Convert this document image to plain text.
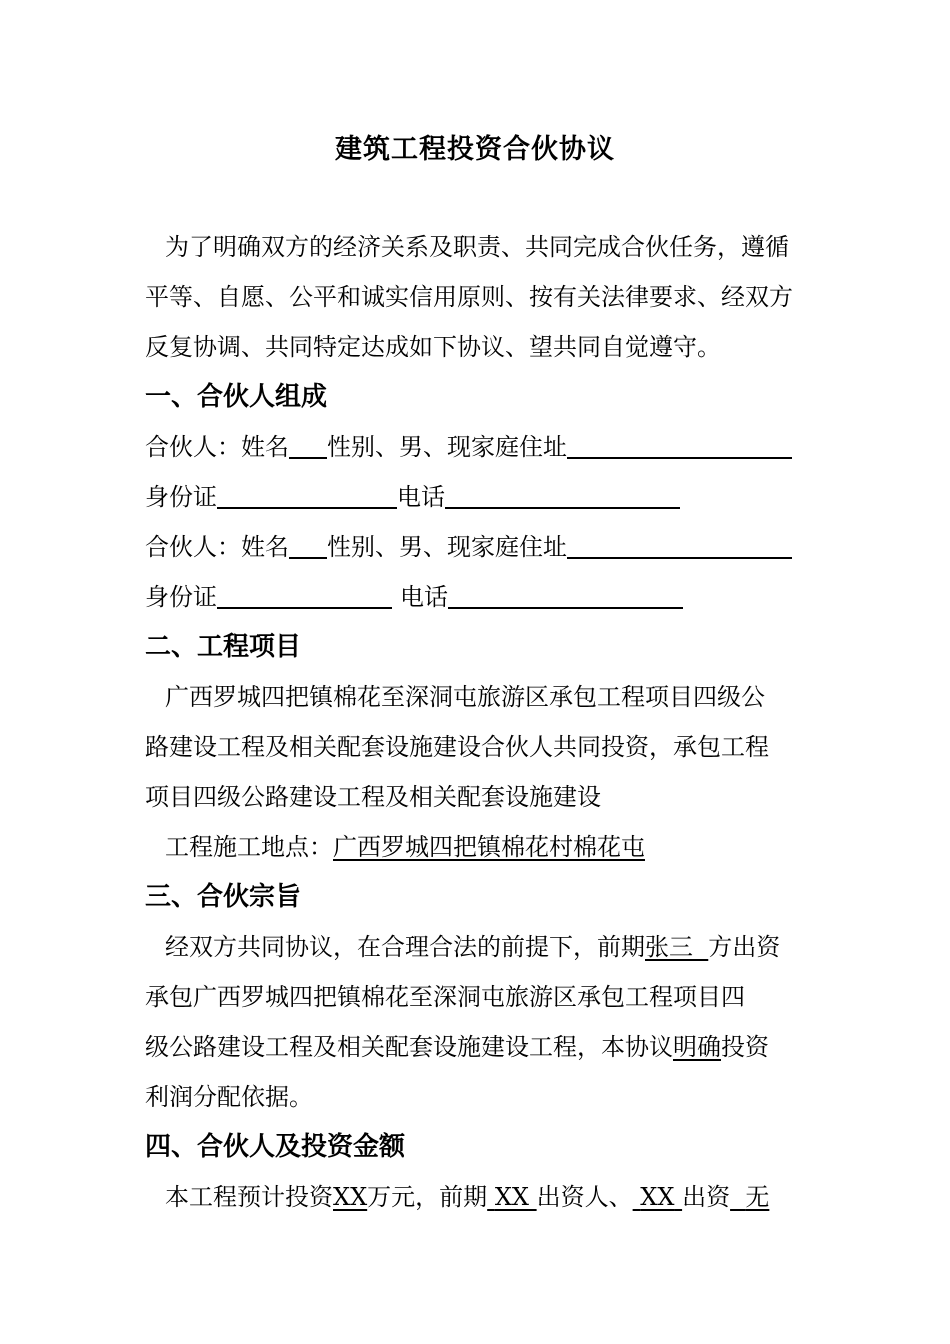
建筑工程投资合伙协议

为了明确双方的经济关系及职责、共同完成合伙任务，遵循

平等、自愿、公平和诚实信用原则、按有关法律要求、经双方

反复协调、共同特定达成如下协议、望共同自觉遵守。

一、合伙人组成

合伙人：姓名 性别、男、现家庭住址

身份证	电话

合伙人：姓名 性别、男、现家庭住址

身份证	电话

二、工程项目

广西罗城四把镇棉花至深洞屯旅游区承包工程项目四级公

路建设工程及相关配套设施建设合伙人共同投资，承包工程

项目四级公路建设工程及相关配套设施建设

工程施工地点：广西罗城四把镇棉花村棉花屯

三、合伙宗旨

经双方共同协议，在合理合法的前提下，前期张三 方出资

承包广西罗城四把镇棉花至深洞屯旅游区承包工程项目四

级公路建设工程及相关配套设施建设工程，本协议明确投资

利润分配依据。

四、合伙人及投资金额

本工程预计投资XX万元，前期 XX 出资人、 XX 出资 无
